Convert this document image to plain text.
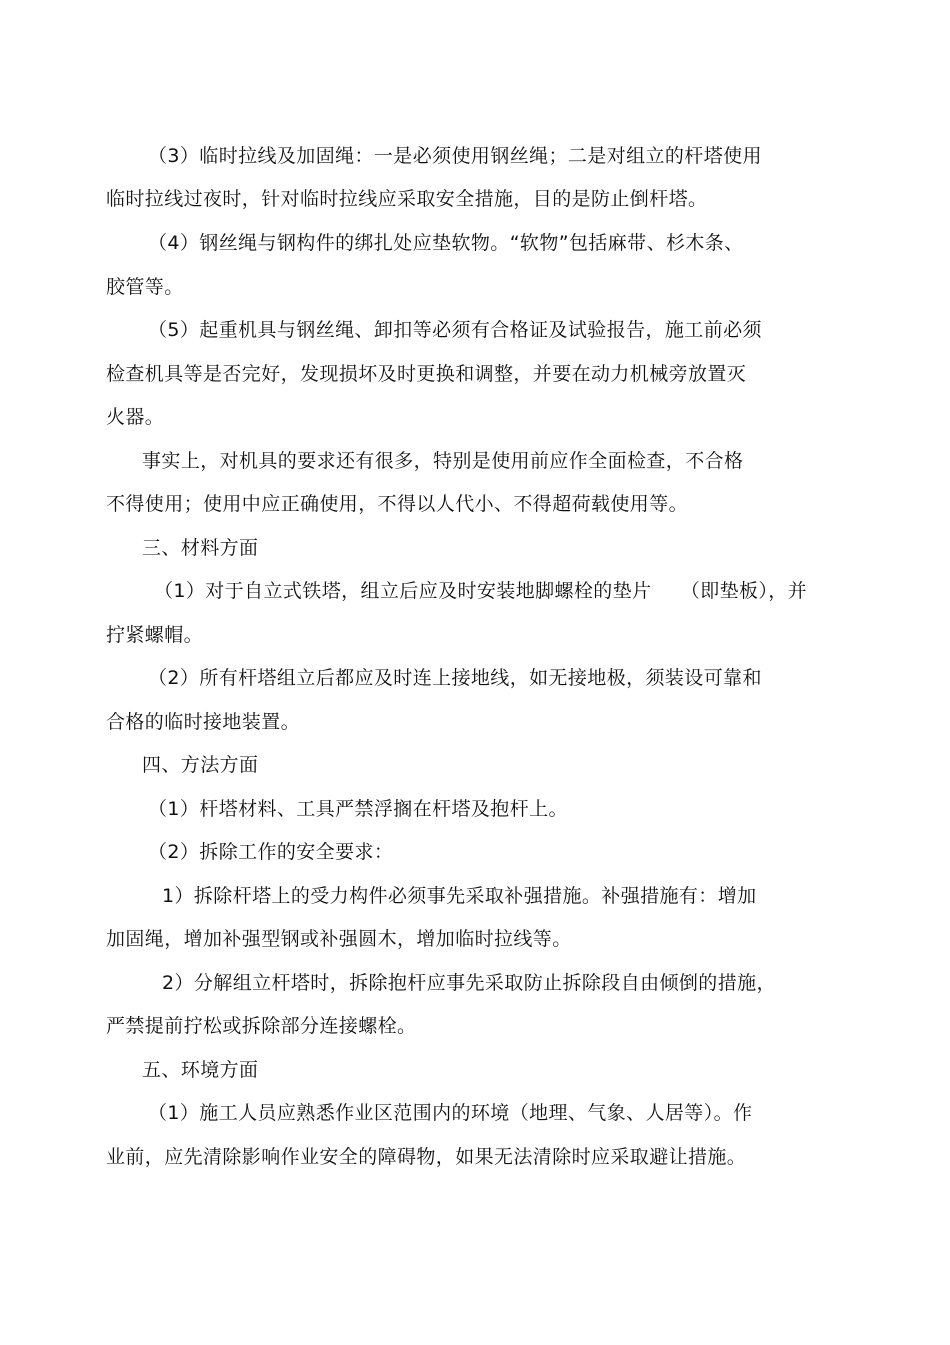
（3）临时拉线及加固绳：一是必须使用钢丝绳；二是对组立的杆塔使用
临时拉线过夜时，针对临时拉线应采取安全措施，目的是防止倒杆塔。
（4）钢丝绳与钢构件的绑扎处应垫软物。“软物”包括麻带、杉木条、
胶管等。
（5）起重机具与钢丝绳、卸扣等必须有合格证及试验报告，施工前必须
检查机具等是否完好，发现损坏及时更换和调整，并要在动力机械旁放置灭
火器。
事实上，对机具的要求还有很多，特别是使用前应作全面检查，不合格
不得使用；使用中应正确使用，不得以人代小、不得超荷载使用等。
三、材料方面
（1）对于自立式铁塔，组立后应及时安装地脚螺栓的垫片　　（即垫板），并
拧紧螺帽。
（2）所有杆塔组立后都应及时连上接地线，如无接地极，须装设可靠和
合格的临时接地装置。
四、方法方面
（1）杆塔材料、工具严禁浮搁在杆塔及抱杆上。
（2）拆除工作的安全要求：
1）拆除杆塔上的受力构件必须事先采取补强措施。补强措施有：增加
加固绳，增加补强型钢或补强圆木，增加临时拉线等。
2）分解组立杆塔时，拆除抱杆应事先采取防止拆除段自由倾倒的措施，
严禁提前拧松或拆除部分连接螺栓。
五、环境方面
（1）施工人员应熟悉作业区范围内的环境（地理、气象、人居等）。作
业前，应先清除影响作业安全的障碍物，如果无法清除时应采取避让措施。
